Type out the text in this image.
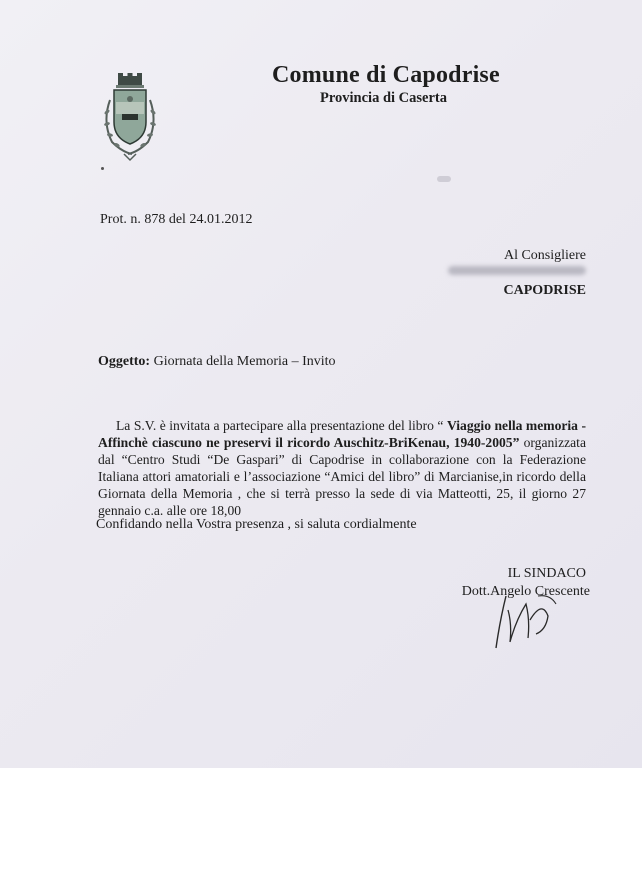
Comune di Capodrise
Provincia di Caserta
Prot. n. 878 del 24.01.2012
Al Consigliere
CAPODRISE
Oggetto: Giornata della Memoria – Invito
La S.V. è invitata a partecipare alla presentazione del libro “ Viaggio nella memoria - Affinchè ciascuno ne preservi il ricordo Auschitz-BriKenau, 1940-2005” organizzata dal “Centro Studi “De Gaspari” di Capodrise in collaborazione con la Federazione Italiana attori amatoriali e l’associazione “Amici del libro” di Marcianise,in ricordo della Giornata della Memoria , che si terrà presso la sede di via Matteotti, 25, il giorno 27 gennaio c.a. alle ore 18,00
Confidando nella Vostra presenza , si saluta cordialmente
IL SINDACO
Dott.Angelo Crescente
